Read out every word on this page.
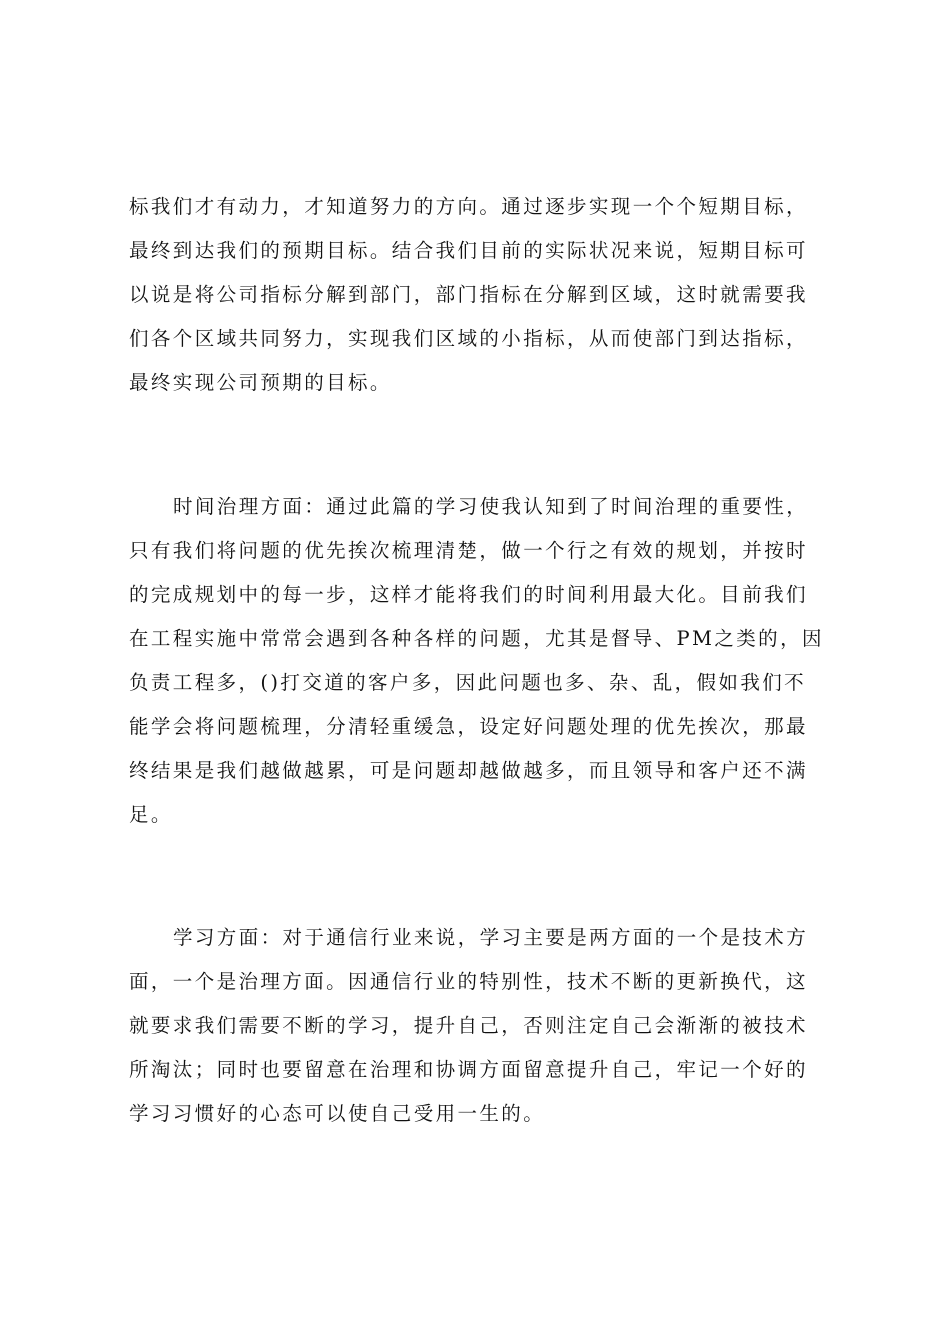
标我们才有动力，才知道努力的方向。通过逐步实现一个个短期目标，
最终到达我们的预期目标。结合我们目前的实际状况来说，短期目标可
以说是将公司指标分解到部门，部门指标在分解到区域，这时就需要我
们各个区域共同努力，实现我们区域的小指标，从而使部门到达指标，
最终实现公司预期的目标。
时间治理方面：通过此篇的学习使我认知到了时间治理的重要性，
只有我们将问题的优先挨次梳理清楚，做一个行之有效的规划，并按时
的完成规划中的每一步，这样才能将我们的时间利用最大化。目前我们
在工程实施中常常会遇到各种各样的问题，尤其是督导、PM之类的，因
负责工程多，()打交道的客户多，因此问题也多、杂、乱，假如我们不
能学会将问题梳理，分清轻重缓急，设定好问题处理的优先挨次，那最
终结果是我们越做越累，可是问题却越做越多，而且领导和客户还不满
足。
学习方面：对于通信行业来说，学习主要是两方面的一个是技术方
面，一个是治理方面。因通信行业的特别性，技术不断的更新换代，这
就要求我们需要不断的学习，提升自己，否则注定自己会渐渐的被技术
所淘汰；同时也要留意在治理和协调方面留意提升自己，牢记一个好的
学习习惯好的心态可以使自己受用一生的。
